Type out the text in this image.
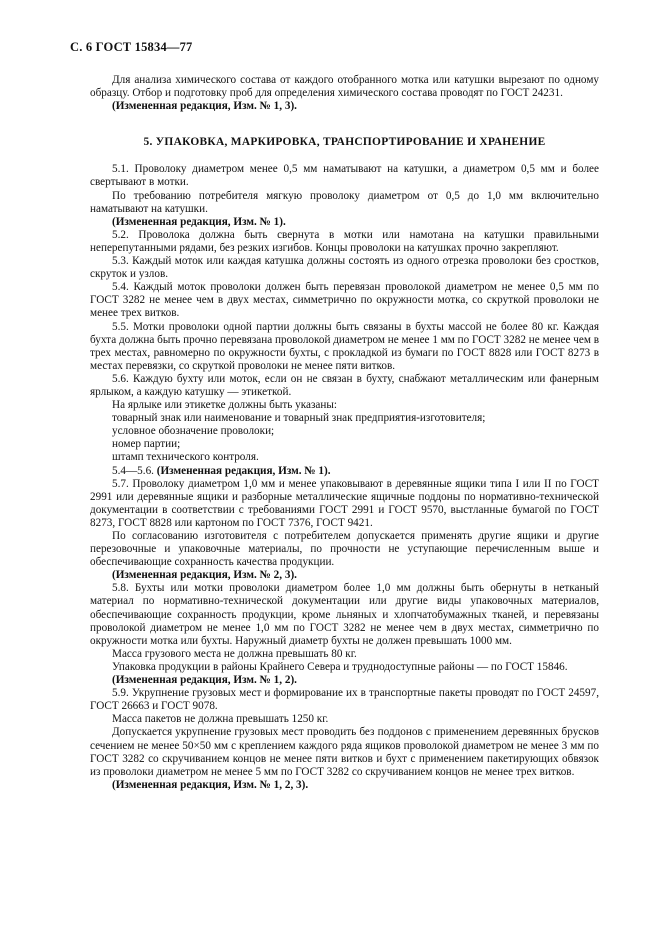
С. 6 ГОСТ 15834—77

Для анализа химического состава от каждого отобранного мотка или катушки вырезают по одному образцу. Отбор и подготовку проб для определения химического состава проводят по ГОСТ 24231.

(Измененная редакция, Изм. № 1, 3).

5. УПАКОВКА, МАРКИРОВКА, ТРАНСПОРТИРОВАНИЕ И ХРАНЕНИЕ

5.1. Проволоку диаметром менее 0,5 мм наматывают на катушки, а диаметром 0,5 мм и более свертывают в мотки.

По требованию потребителя мягкую проволоку диаметром от 0,5 до 1,0 мм включительно наматывают на катушки.

(Измененная редакция, Изм. № 1).

5.2. Проволока должна быть свернута в мотки или намотана на катушки правильными неперепутанными рядами, без резких изгибов. Концы проволоки на катушках прочно закрепляют.

5.3. Каждый моток или каждая катушка должны состоять из одного отрезка проволоки без сростков, скруток и узлов.

5.4. Каждый моток проволоки должен быть перевязан проволокой диаметром не менее 0,5 мм по ГОСТ 3282 не менее чем в двух местах, симметрично по окружности мотка, со скруткой проволоки не менее трех витков.

5.5. Мотки проволоки одной партии должны быть связаны в бухты массой не более 80 кг. Каждая бухта должна быть прочно перевязана проволокой диаметром не менее 1 мм по ГОСТ 3282 не менее чем в трех местах, равномерно по окружности бухты, с прокладкой из бумаги по ГОСТ 8828 или ГОСТ 8273 в местах перевязки, со скруткой проволоки не менее пяти витков.

5.6. Каждую бухту или моток, если он не связан в бухту, снабжают металлическим или фанерным ярлыком, а каждую катушку — этикеткой.

На ярлыке или этикетке должны быть указаны:

товарный знак или наименование и товарный знак предприятия-изготовителя;

условное обозначение проволоки;

номер партии;

штамп технического контроля.

5.4—5.6. (Измененная редакция, Изм. № 1).

5.7. Проволоку диаметром 1,0 мм и менее упаковывают в деревянные ящики типа I или II по ГОСТ 2991 или деревянные ящики и разборные металлические ящичные поддоны по нормативно-технической документации в соответствии с требованиями ГОСТ 2991 и ГОСТ 9570, выстланные бумагой по ГОСТ 8273, ГОСТ 8828 или картоном по ГОСТ 7376, ГОСТ 9421.

По согласованию изготовителя с потребителем допускается применять другие ящики и другие перезовочные и упаковочные материалы, по прочности не уступающие перечисленным выше и обеспечивающие сохранность качества продукции.

(Измененная редакция, Изм. № 2, 3).

5.8. Бухты или мотки проволоки диаметром более 1,0 мм должны быть обернуты в нетканый материал по нормативно-технической документации или другие виды упаковочных материалов, обеспечивающие сохранность продукции, кроме льняных и хлопчатобумажных тканей, и перевязаны проволокой диаметром не менее 1,0 мм по ГОСТ 3282 не менее чем в двух местах, симметрично по окружности мотка или бухты. Наружный диаметр бухты не должен превышать 1000 мм.

Масса грузового места не должна превышать 80 кг.

Упаковка продукции в районы Крайнего Севера и труднодоступные районы — по ГОСТ 15846.

(Измененная редакция, Изм. № 1, 2).

5.9. Укрупнение грузовых мест и формирование их в транспортные пакеты проводят по ГОСТ 24597, ГОСТ 26663 и ГОСТ 9078.

Масса пакетов не должна превышать 1250 кг.

Допускается укрупнение грузовых мест проводить без поддонов с применением деревянных брусков сечением не менее 50×50 мм с креплением каждого ряда ящиков проволокой диаметром не менее 3 мм по ГОСТ 3282 со скручиванием концов не менее пяти витков и бухт с применением пакетирующих обвязок из проволоки диаметром не менее 5 мм по ГОСТ 3282 со скручиванием концов не менее трех витков.

(Измененная редакция, Изм. № 1, 2, 3).
